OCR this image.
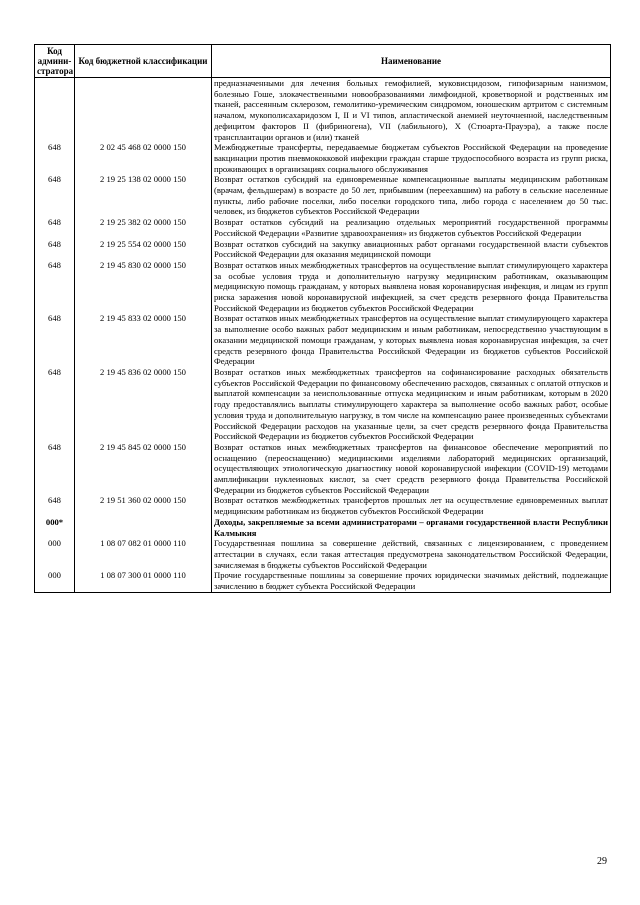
Код админи-стратора	Код бюджетной классификации	Наименование
		предназначенными для лечения больных гемофилией, муковисцидозом, гипофизарным нанизмом, болезнью Гоше, злокачественными новообразованиями лимфоидной, кроветворной и родственных им тканей, рассеянным склерозом, гемолитико-уремическим синдромом, юношеским артритом с системным началом, мукополисахаридозом I, II и VI типов, апластической анемией неуточненной, наследственным дефицитом факторов II (фибриногена), VII (лабильного), X (Стюарта-Прауэра), а также после трансплантации органов и (или) тканей
648	2 02 45 468 02 0000 150	Межбюджетные трансферты, передаваемые бюджетам субъектов Российской Федерации на проведение вакцинации против пневмококковой инфекции граждан старше трудоспособного возраста из групп риска, проживающих в организациях социального обслуживания
648	2 19 25 138 02 0000 150	Возврат остатков субсидий на единовременные компенсационные выплаты медицинским работникам (врачам, фельдшерам) в возрасте до 50 лет, прибывшим (переехавшим) на работу в сельские населенные пункты, либо рабочие поселки, либо поселки городского типа, либо города с населением до 50 тыс. человек, из бюджетов субъектов Российской Федерации
648	2 19 25 382 02 0000 150	Возврат остатков субсидий на реализацию отдельных мероприятий государственной программы Российской Федерации «Развитие здравоохранения» из бюджетов субъектов Российской Федерации
648	2 19 25 554 02 0000 150	Возврат остатков субсидий на закупку авиационных работ органами государственной власти субъектов Российской Федерации для оказания медицинской помощи
648	2 19 45 830 02 0000 150	Возврат остатков иных межбюджетных трансфертов на осуществление выплат стимулирующего характера за особые условия труда и дополнительную нагрузку медицинским работникам, оказывающим медицинскую помощь гражданам, у которых выявлена новая коронавирусная инфекция, и лицам из групп риска заражения новой коронавирусной инфекцией, за счет средств резервного фонда Правительства Российской Федерации из бюджетов субъектов Российской Федерации
648	2 19 45 833 02 0000 150	Возврат остатков иных межбюджетных трансфертов на осуществление выплат стимулирующего характера за выполнение особо важных работ медицинским и иным работникам, непосредственно участвующим в оказании медицинской помощи гражданам, у которых выявлена новая коронавирусная инфекция, за счет средств резервного фонда Правительства Российской Федерации из бюджетов субъектов Российской Федерации
648	2 19 45 836 02 0000 150	Возврат остатков иных межбюджетных трансфертов на софинансирование расходных обязательств субъектов Российской Федерации по финансовому обеспечению расходов, связанных с оплатой отпусков и выплатой компенсации за неиспользованные отпуска медицинским и иным работникам, которым в 2020 году предоставлялись выплаты стимулирующего характера за выполнение особо важных работ, особые условия труда и дополнительную нагрузку, в том числе на компенсацию ранее произведенных субъектами Российской Федерации расходов на указанные цели, за счет средств резервного фонда Правительства Российской Федерации из бюджетов субъектов Российской Федерации
648	2 19 45 845 02 0000 150	Возврат остатков иных межбюджетных трансфертов на финансовое обеспечение мероприятий по оснащению (переоснащению) медицинскими изделиями лабораторий медицинских организаций, осуществляющих этиологическую диагностику новой коронавирусной инфекции (COVID-19) методами амплификации нуклеиновых кислот, за счет средств резервного фонда Правительства Российской Федерации из бюджетов субъектов Российской Федерации
648	2 19 51 360 02 0000 150	Возврат остатков межбюджетных трансфертов прошлых лет на осуществление единовременных выплат медицинским работникам из бюджетов субъектов Российской Федерации
000*		Доходы, закрепляемые за всеми администраторами – органами государственной власти Республики Калмыкия
000	1 08 07 082 01 0000 110	Государственная пошлина за совершение действий, связанных с лицензированием, с проведением аттестации в случаях, если такая аттестация предусмотрена законодательством Российской Федерации, зачисляемая в бюджеты субъектов Российской Федерации
000	1 08 07 300 01 0000 110	Прочие государственные пошлины за совершение прочих юридически значимых действий, подлежащие зачислению в бюджет субъекта Российской Федерации
29
